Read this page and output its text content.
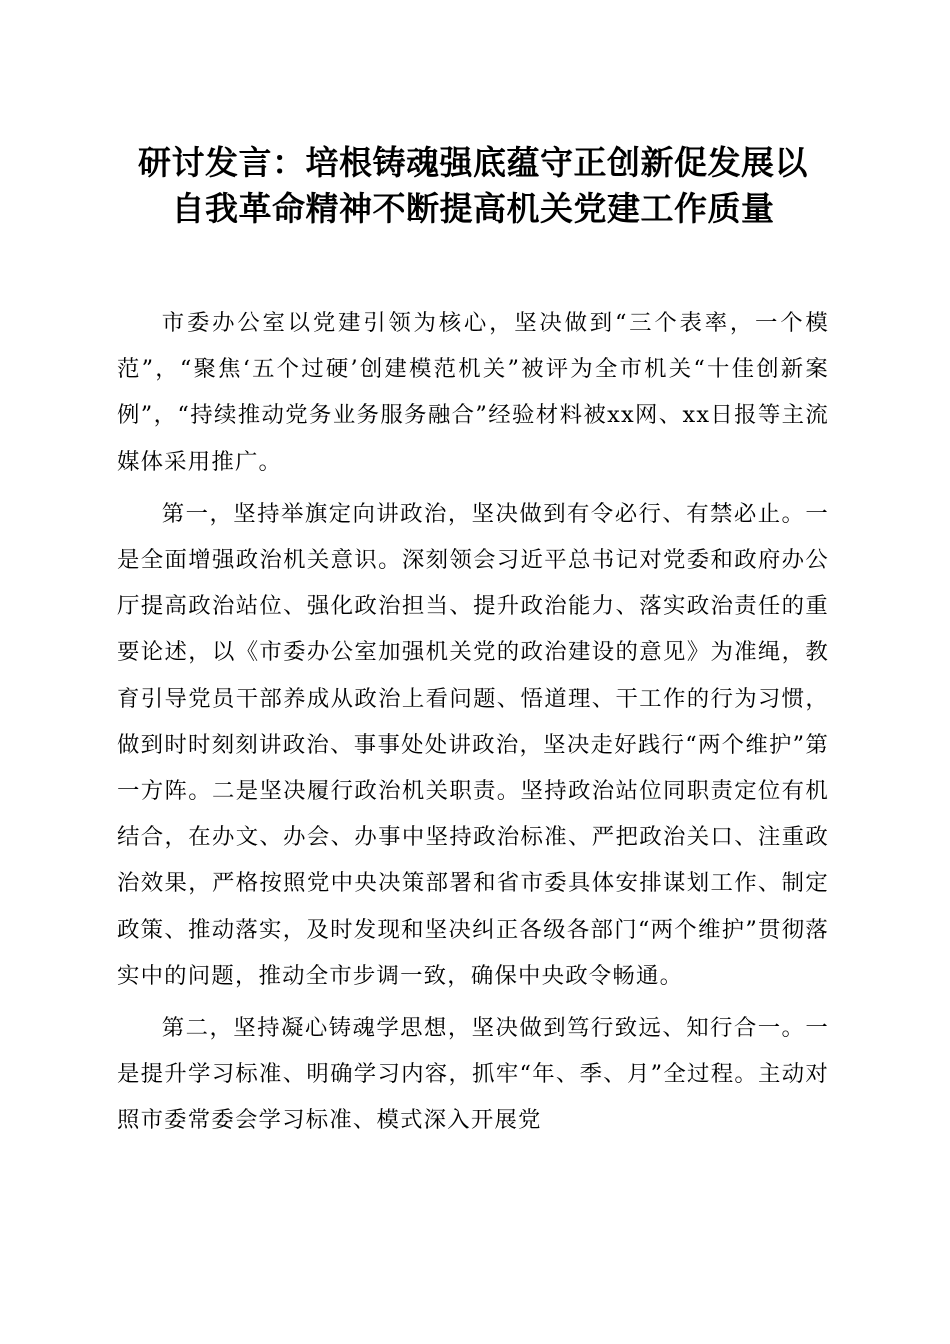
研讨发言：培根铸魂强底蕴守正创新促发展以
自我革命精神不断提高机关党建工作质量

市委办公室以党建引领为核心，坚决做到“三个表率，一个模范”，“聚焦‘五个过硬’创建模范机关”被评为全市机关“十佳创新案例”，“持续推动党务业务服务融合”经验材料被xx网、xx日报等主流媒体采用推广。

第一，坚持举旗定向讲政治，坚决做到有令必行、有禁必止。一是全面增强政治机关意识。深刻领会习近平总书记对党委和政府办公厅提高政治站位、强化政治担当、提升政治能力、落实政治责任的重要论述，以《市委办公室加强机关党的政治建设的意见》为准绳，教育引导党员干部养成从政治上看问题、悟道理、干工作的行为习惯，做到时时刻刻讲政治、事事处处讲政治，坚决走好践行“两个维护”第一方阵。二是坚决履行政治机关职责。坚持政治站位同职责定位有机结合，在办文、办会、办事中坚持政治标准、严把政治关口、注重政治效果，严格按照党中央决策部署和省市委具体安排谋划工作、制定政策、推动落实，及时发现和坚决纠正各级各部门“两个维护”贯彻落实中的问题，推动全市步调一致，确保中央政令畅通。

第二，坚持凝心铸魂学思想，坚决做到笃行致远、知行合一。一是提升学习标准、明确学习内容，抓牢“年、季、月”全过程。主动对照市委常委会学习标准、模式深入开展党
